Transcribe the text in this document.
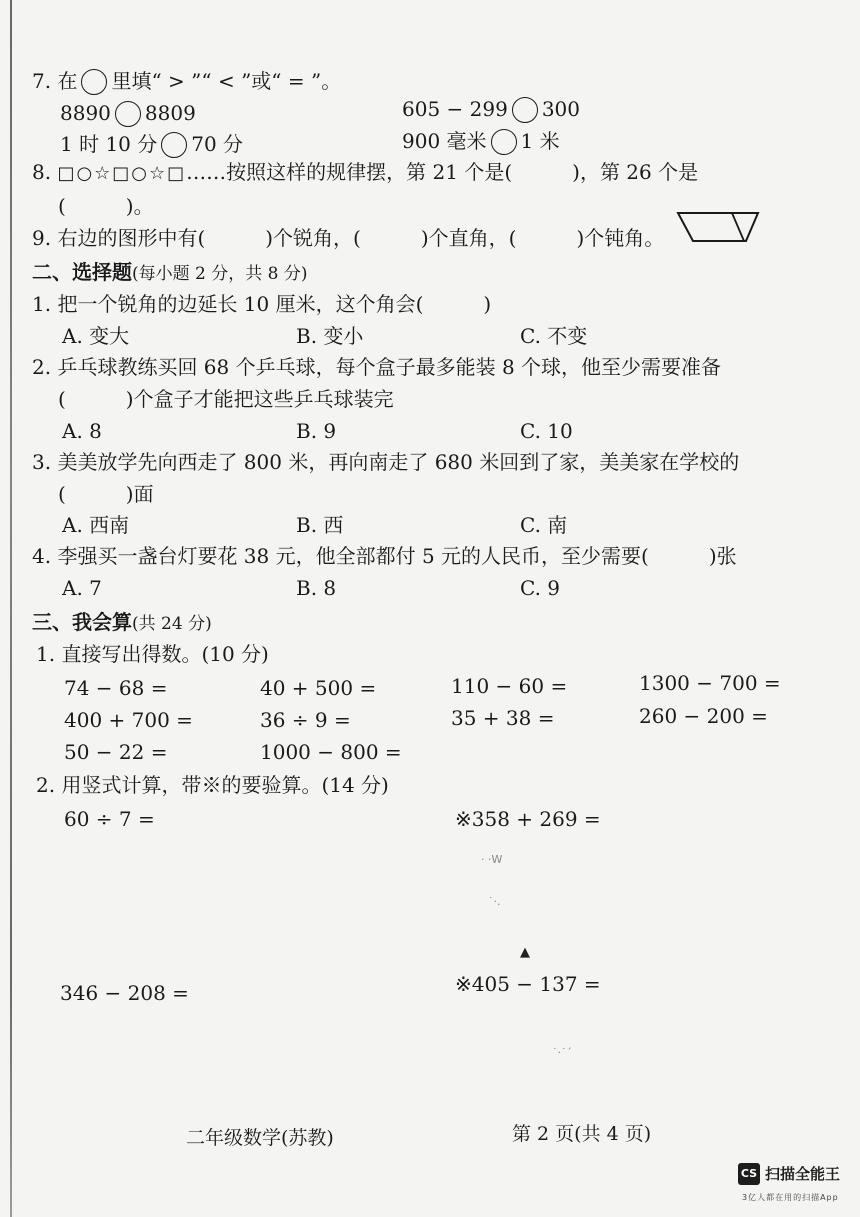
7. 在 里填“ > ”“ < ”或“ = ”。
8890 8809	605 − 299 300
1 时 10 分 70 分	900 毫米 1 米
8. □○☆□○☆□……按照这样的规律摆，第 21 个是(　　　)，第 26 个是
(　　　)。
9. 右边的图形中有(　　　)个锐角，(　　　)个直角，(　　　)个钝角。
二、选择题(每小题 2 分，共 8 分)
1. 把一个锐角的边延长 10 厘米，这个角会(　　　)
A. 变大	B. 变小	C. 不变
2. 乒乓球教练买回 68 个乒乓球，每个盒子最多能装 8 个球，他至少需要准备
(　　　)个盒子才能把这些乒乓球装完
A. 8	B. 9	C. 10
3. 美美放学先向西走了 800 米，再向南走了 680 米回到了家，美美家在学校的
(　　　)面
A. 西南	B. 西	C. 南
4. 李强买一盏台灯要花 38 元，他全部都付 5 元的人民币，至少需要(　　　)张
A. 7	B. 8	C. 9
三、我会算(共 24 分)
1. 直接写出得数。(10 分)
74 − 68 =	40 + 500 =	110 − 60 =	1300 − 700 =
400 + 700 =	36 ÷ 9 =	35 + 38 =	260 − 200 =
50 − 22 =	1000 − 800 =
2. 用竖式计算，带※的要验算。(14 分)
60 ÷ 7 =	※358 + 269 =
346 − 208 =	※405 − 137 =
· ·W
˙·.
▲
˙·˙´
二年级数学(苏教)	第 2 页(共 4 页)
CS 扫描全能王
3亿人都在用的扫描App
